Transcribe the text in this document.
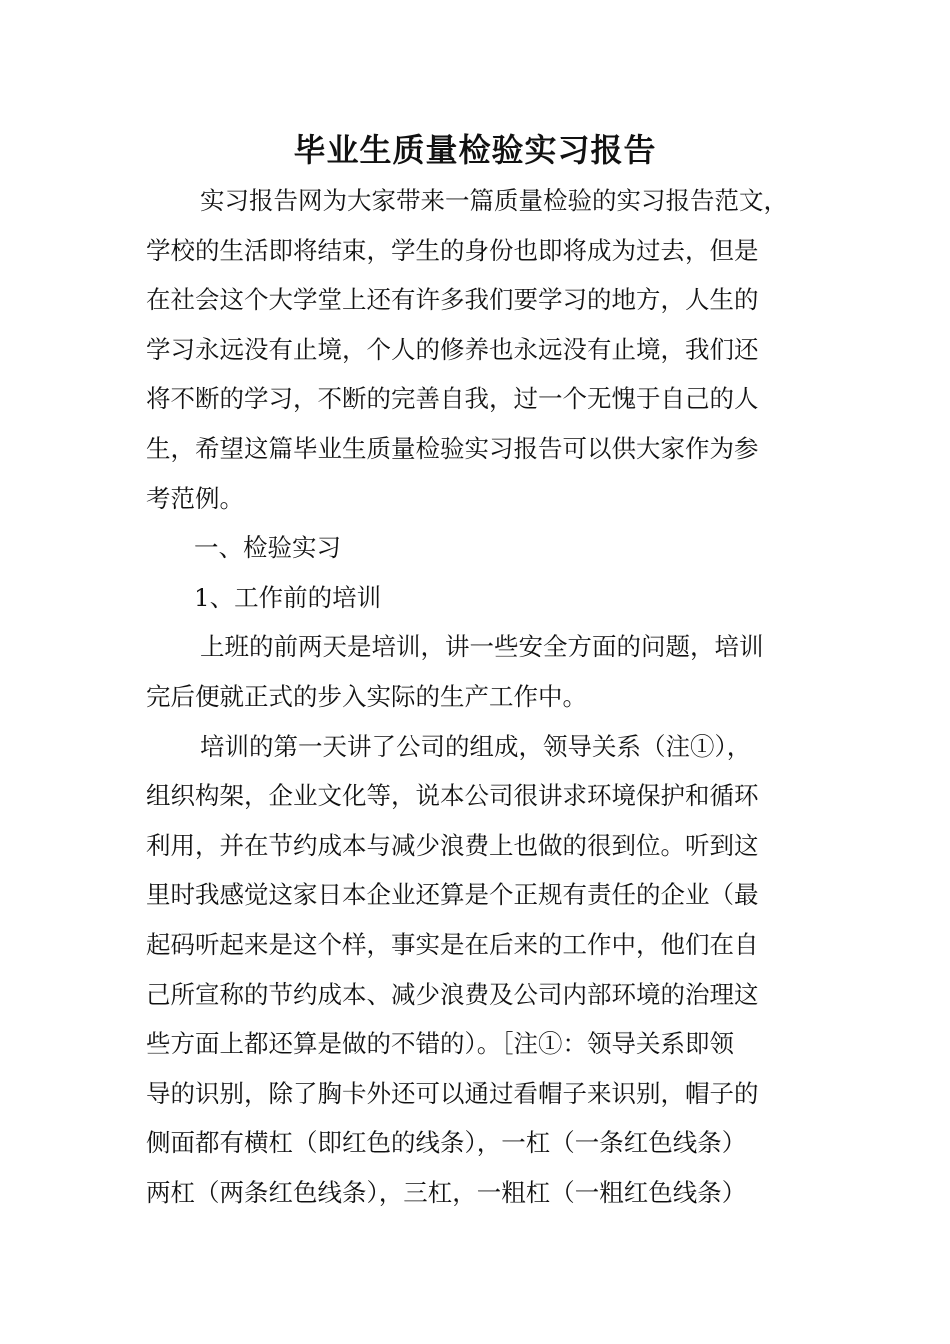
毕业生质量检验实习报告
实习报告网为大家带来一篇质量检验的实习报告范文，
学校的生活即将结束，学生的身份也即将成为过去，但是
在社会这个大学堂上还有许多我们要学习的地方，人生的
学习永远没有止境，个人的修养也永远没有止境，我们还
将不断的学习，不断的完善自我，过一个无愧于自己的人
生，希望这篇毕业生质量检验实习报告可以供大家作为参
考范例。
一、检验实习
1、工作前的培训
上班的前两天是培训，讲一些安全方面的问题，培训
完后便就正式的步入实际的生产工作中。
培训的第一天讲了公司的组成，领导关系（注①），
组织构架，企业文化等，说本公司很讲求环境保护和循环
利用，并在节约成本与减少浪费上也做的很到位。听到这
里时我感觉这家日本企业还算是个正规有责任的企业（最
起码听起来是这个样，事实是在后来的工作中，他们在自
己所宣称的节约成本、减少浪费及公司内部环境的治理这
些方面上都还算是做的不错的）。［注①：领导关系即领
导的识别，除了胸卡外还可以通过看帽子来识别，帽子的
侧面都有横杠（即红色的线条），一杠（一条红色线条）
两杠（两条红色线条），三杠，一粗杠（一粗红色线条）
